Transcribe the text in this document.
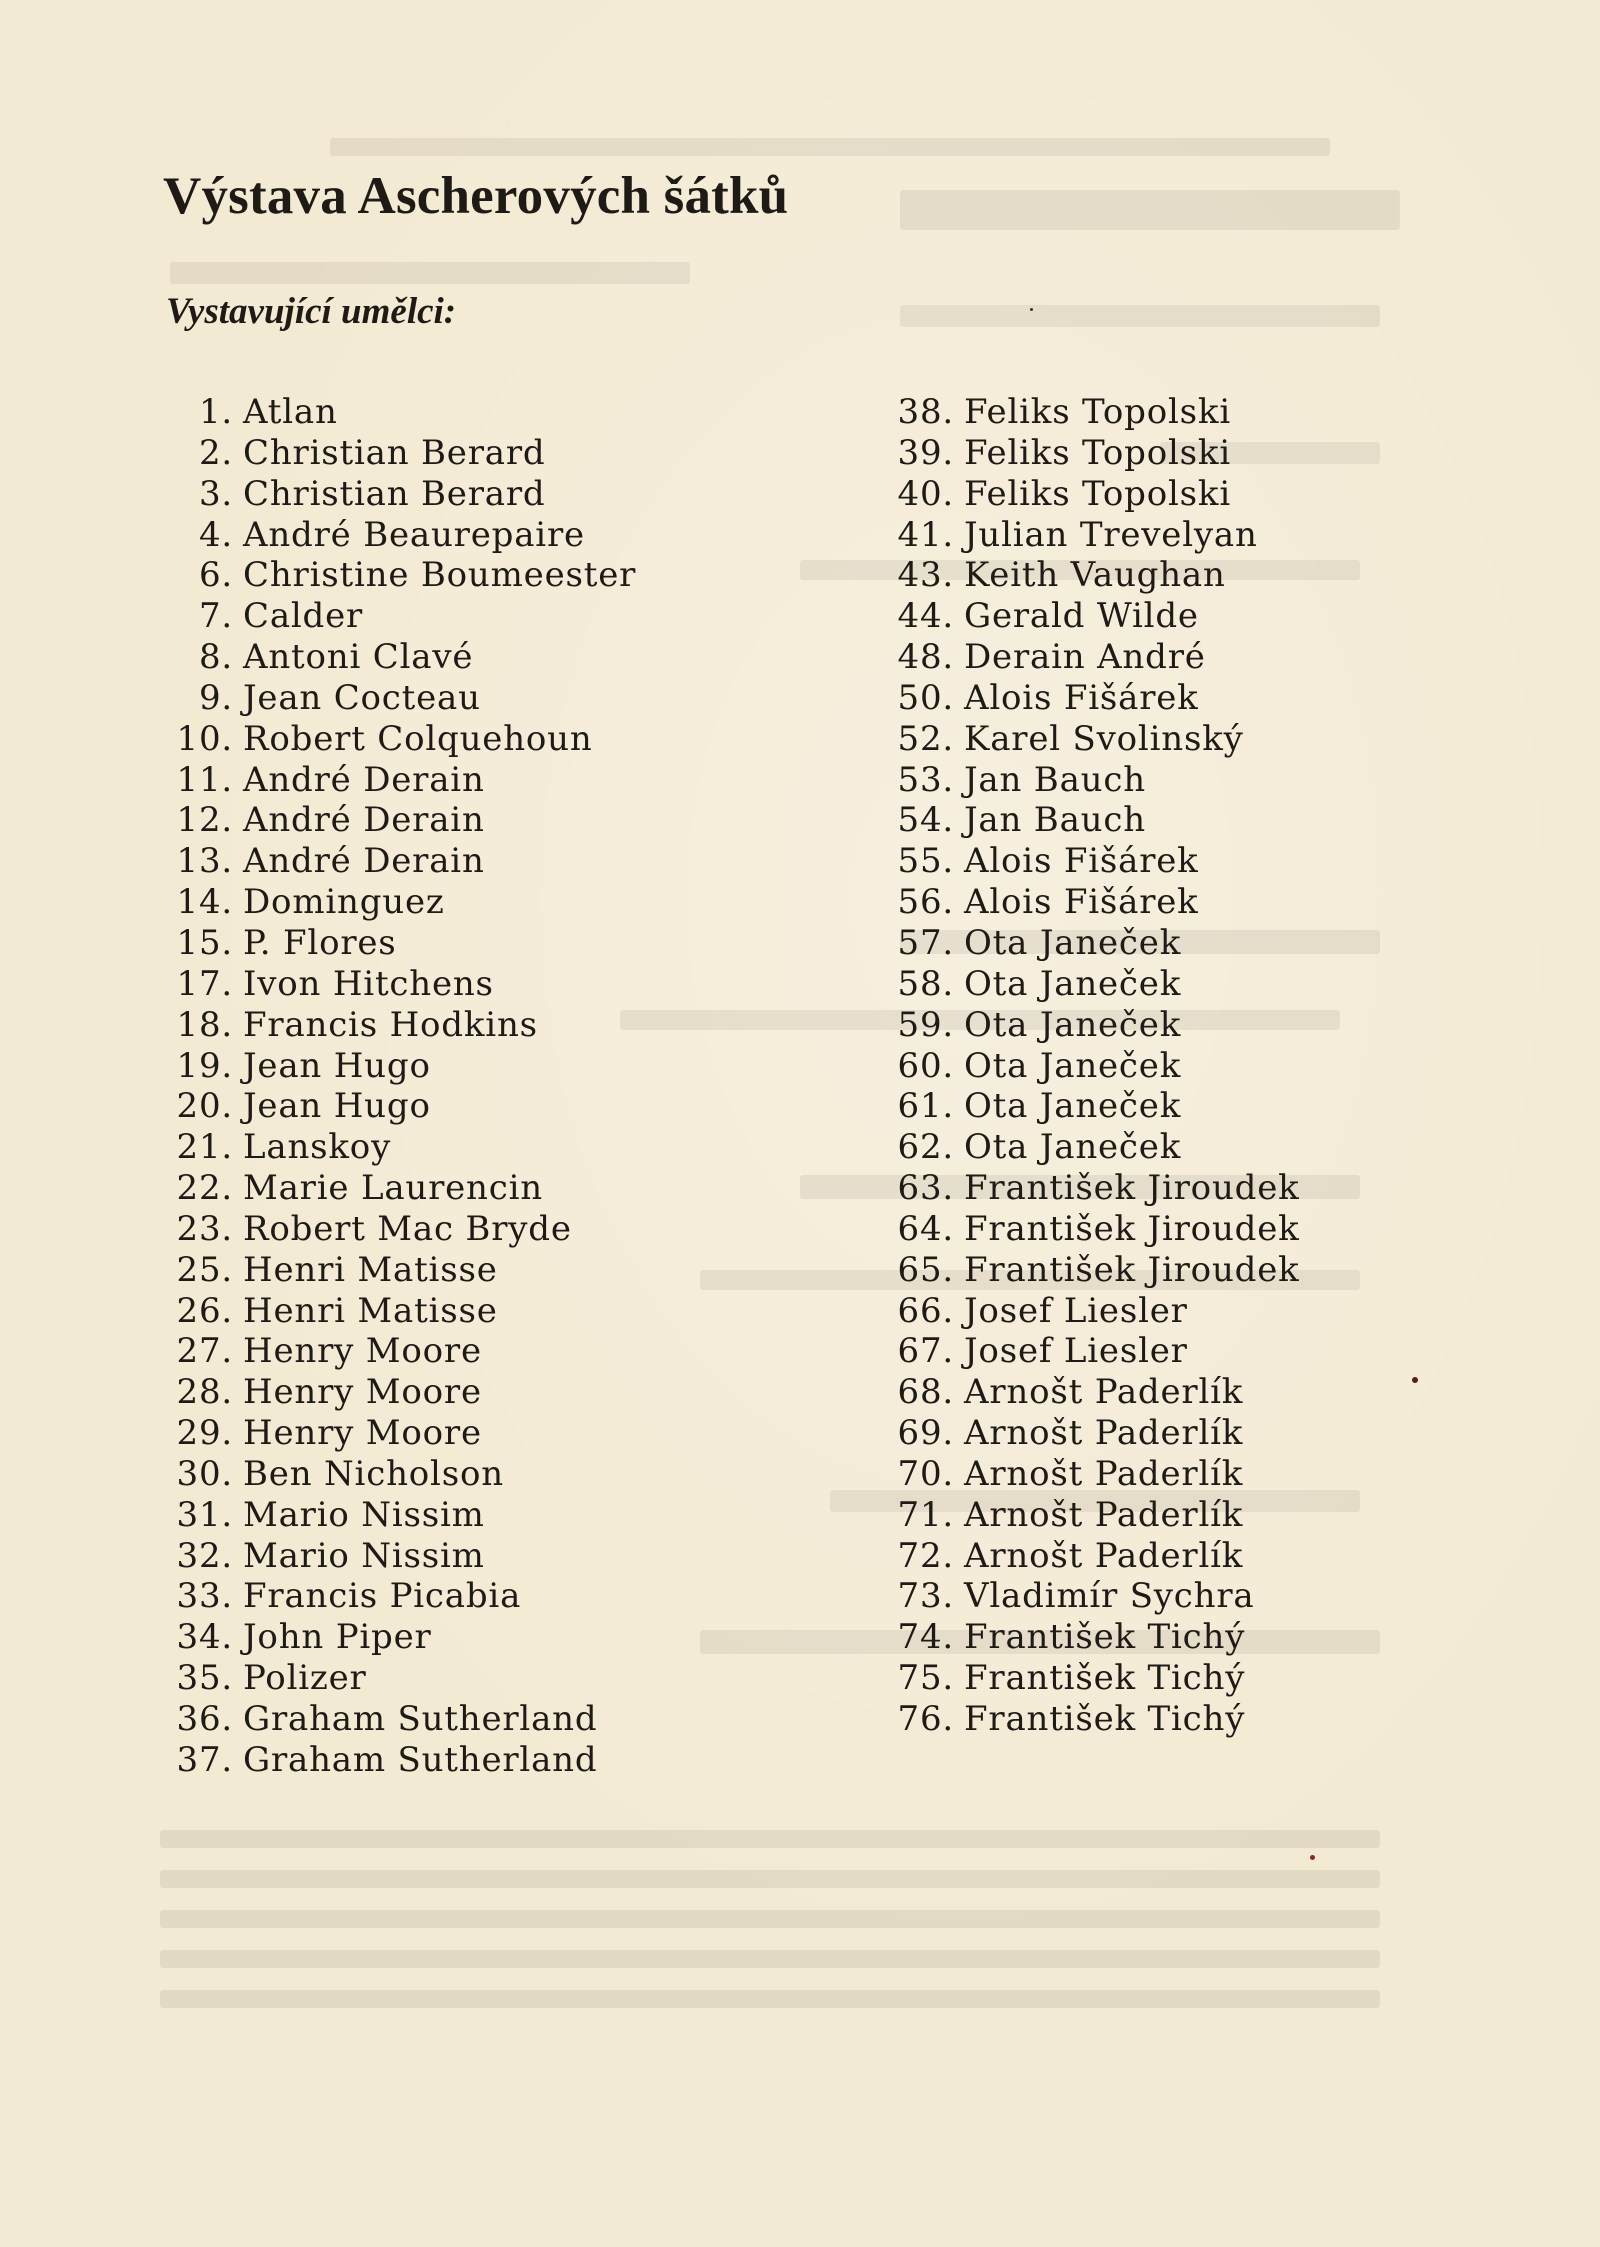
Výstava Ascherových šátků
Vystavující umělci:
1. Atlan
2. Christian Berard
3. Christian Berard
4. André Beaurepaire
6. Christine Boumeester
7. Calder
8. Antoni Clavé
9. Jean Cocteau
10. Robert Colquehoun
11. André Derain
12. André Derain
13. André Derain
14. Dominguez
15. P. Flores
17. Ivon Hitchens
18. Francis Hodkins
19. Jean Hugo
20. Jean Hugo
21. Lanskoy
22. Marie Laurencin
23. Robert Mac Bryde
25. Henri Matisse
26. Henri Matisse
27. Henry Moore
28. Henry Moore
29. Henry Moore
30. Ben Nicholson
31. Mario Nissim
32. Mario Nissim
33. Francis Picabia
34. John Piper
35. Polizer
36. Graham Sutherland
37. Graham Sutherland
38. Feliks Topolski
39. Feliks Topolski
40. Feliks Topolski
41. Julian Trevelyan
43. Keith Vaughan
44. Gerald Wilde
48. Derain André
50. Alois Fišárek
52. Karel Svolinský
53. Jan Bauch
54. Jan Bauch
55. Alois Fišárek
56. Alois Fišárek
57. Ota Janeček
58. Ota Janeček
59. Ota Janeček
60. Ota Janeček
61. Ota Janeček
62. Ota Janeček
63. František Jiroudek
64. František Jiroudek
65. František Jiroudek
66. Josef Liesler
67. Josef Liesler
68. Arnošt Paderlík
69. Arnošt Paderlík
70. Arnošt Paderlík
71. Arnošt Paderlík
72. Arnošt Paderlík
73. Vladimír Sychra
74. František Tichý
75. František Tichý
76. František Tichý
